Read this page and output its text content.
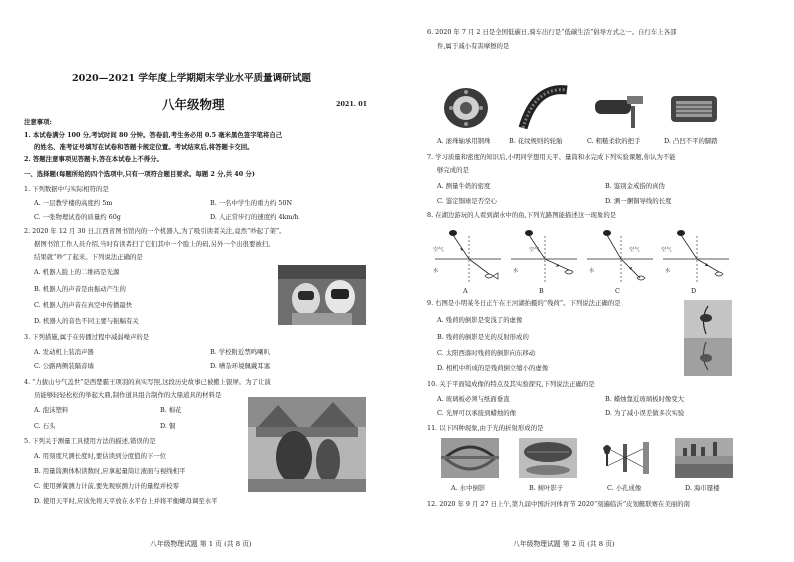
2020—2021 学年度上学期期末学业水平质量调研试题
八年级物理	2021. 01
注意事项:
1. 本试卷满分 100 分,考试时间 80 分钟。答卷前,考生务必用 0.5 毫米黑色签字笔将自己
的姓名、准考证号填写在试卷和答题卡规定位置。考试结束后,将答题卡交回。
2. 答题注意事项见答题卡,答在本试卷上不得分。
一、选择题(每题所给的四个选项中,只有一项符合题目要求。每题 2 分,共 40 分)
1. 下列数据中与实际相符的是
A. 一层教学楼的高度约 5m	B. 一名中学生的重力约 50N
C. 一张物理试卷的质量约 60g	D. 人正常步行的速度约 4km/h
2. 2020 年 12 月 30 日,江西省图书馆内的一个机器人,为了吸引读者关注,竟然“吵起了架”。
据图书馆工作人员介绍,当时有读者扫了它们其中一个脸上的码,另外一个出很要被扫,
结果就“吵”了起来。下列说法正确的是
A. 机器人脸上的二维码是光源
B. 机器人的声音是由振动产生的
C. 机器人的声音在真空中传播最快
D. 机器人的音色不同主要与振幅有关
3. 下列措施,属于在传播过程中减弱噪声的是
A. 发动机上装消声器	B. 学校附近禁鸣喇叭
C. 公路两侧装隔音墙	D. 嘈杂环境佩戴耳塞
4. “力拔山兮气盖世”是西楚霸王项羽的真实写照,这段历史故事已被搬上银屏。为了让演
员能够轻轻松松的举起大鼎,制作道具组合制作的大鼎道具的材料是
A. 泡沫塑料	B. 棉花
C. 石头	D. 铜
5. 下列关于测量工具使用方法的描述,错误的是
A. 用刻度尺测长度时,要估读到分度值的下一位
B. 用量筒测体积读数时,应拿起量筒让液面与视线相平
C. 使用弹簧测力计前,要先观察测力计的量程并校零
D. 使用天平时,应该先将天平放在水平台上并将平衡螺母调至水平
八年级物理试题 第 1 页 (共 8 页)
6. 2020 年 7 月 2 日是全国低碳日,骑车出行是“低碳生活”倡导方式之一。自行车上各部
件,属于减小有害摩擦的是
A. 滚珠轴承用钢珠	B. 花纹规则的轮胎	C. 粗糙柔软的把手	D. 凸凹不平的脚踏
7. 学习质量和密度的知识后,小明同学想用天平、量筒和水完成下列实验课题,你认为不能
够完成的是
A. 测量牛奶的密度	B. 鉴别金戒指的真伪
C. 鉴定铜球是否空心	D. 测一捆铜导线的长度
8. 在湖边游玩的人看到湖水中的鱼,下列光路图能描述这一现象的是
空气
水
A
空气
水
B
空气
水
C
空气
水
D
9. 右图是小明某冬日正午在王河湖拍摄的“残荷”。下列说法正确的是
A. 残荷的倒影是变浅了的虚像
B. 残荷的倒影是光的反射形成的
C. 太阳西落时残荷的倒影向东移动
D. 相机中所成的是残荷倒立缩小的虚像
10. 关于平面镜成像的特点及其实验探究,下列说法正确的是
A. 玻璃板必须与纸面垂直	B. 蜡烛靠近玻璃板时像变大
C. 光屏可以承接到蜡烛的像	D. 为了减小误差做多次实验
11. 以下四种现象,由于光的折射形成的是
A. 水中倒影	B. 树叶影子	C. 小孔成像	D. 海市蜃楼
12. 2020 年 9 月 27 日上午,第九届中国沂河体育节 2020“刻遍临沂”皮划艇联赛在美丽的南
八年级物理试题 第 2 页 (共 8 页)
